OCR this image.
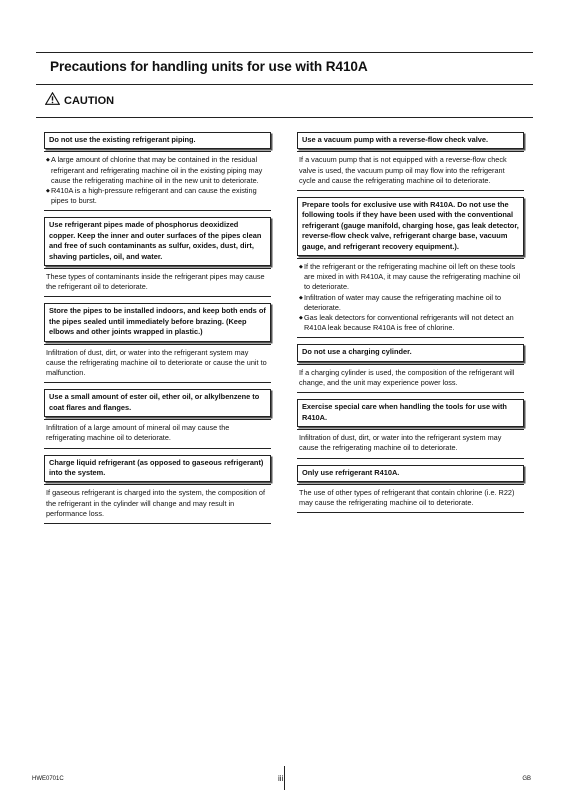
Precautions for handling units for use with R410A
CAUTION
Do not use the existing refrigerant piping.
◆ A large amount of chlorine that may be contained in the residual refrigerant and refrigerating machine oil in the existing piping may cause the refrigerating machine oil in the new unit to deteriorate.
◆ R410A is a high-pressure refrigerant and can cause the existing pipes to burst.
Use refrigerant pipes made of phosphorus deoxidized copper. Keep the inner and outer surfaces of the pipes clean and free of such contaminants as sulfur, oxides, dust, dirt, shaving particles, oil, and water.
These types of contaminants inside the refrigerant pipes may cause the refrigerant oil to deteriorate.
Store the pipes to be installed indoors, and keep both ends of the pipes sealed until immediately before brazing. (Keep elbows and other joints wrapped in plastic.)
Infiltration of dust, dirt, or water into the refrigerant system may cause the refrigerating machine oil to deteriorate or cause the unit to malfunction.
Use a small amount of ester oil, ether oil, or alkylbenzene to coat flares and flanges.
Infiltration of a large amount of mineral oil may cause the refrigerating machine oil to deteriorate.
Charge liquid refrigerant (as opposed to gaseous refrigerant) into the system.
If gaseous refrigerant is charged into the system, the composition of the refrigerant in the cylinder will change and may result in performance loss.
Use a vacuum pump with a reverse-flow check valve.
If a vacuum pump that is not equipped with a reverse-flow check valve is used, the vacuum pump oil may flow into the refrigerant cycle and cause the refrigerating machine oil to deteriorate.
Prepare tools for exclusive use with R410A. Do not use the following tools if they have been used with the conventional refrigerant (gauge manifold, charging hose, gas leak detector, reverse-flow check valve, refrigerant charge base, vacuum gauge, and refrigerant recovery equipment.).
◆ If the refrigerant or the refrigerating machine oil left on these tools are mixed in with R410A, it may cause the refrigerating machine oil to deteriorate.
◆ Infiltration of water may cause the refrigerating machine oil to deteriorate.
◆ Gas leak detectors for conventional refrigerants will not detect an R410A leak because R410A is free of chlorine.
Do not use a charging cylinder.
If a charging cylinder is used, the composition of the refrigerant will change, and the unit may experience power loss.
Exercise special care when handling the tools for use with R410A.
Infiltration of dust, dirt, or water into the refrigerant system may cause the refrigerating machine oil to deteriorate.
Only use refrigerant R410A.
The use of other types of refrigerant that contain chlorine (i.e. R22) may cause the refrigerating machine oil to deteriorate.
HWE0701C	iii	GB
